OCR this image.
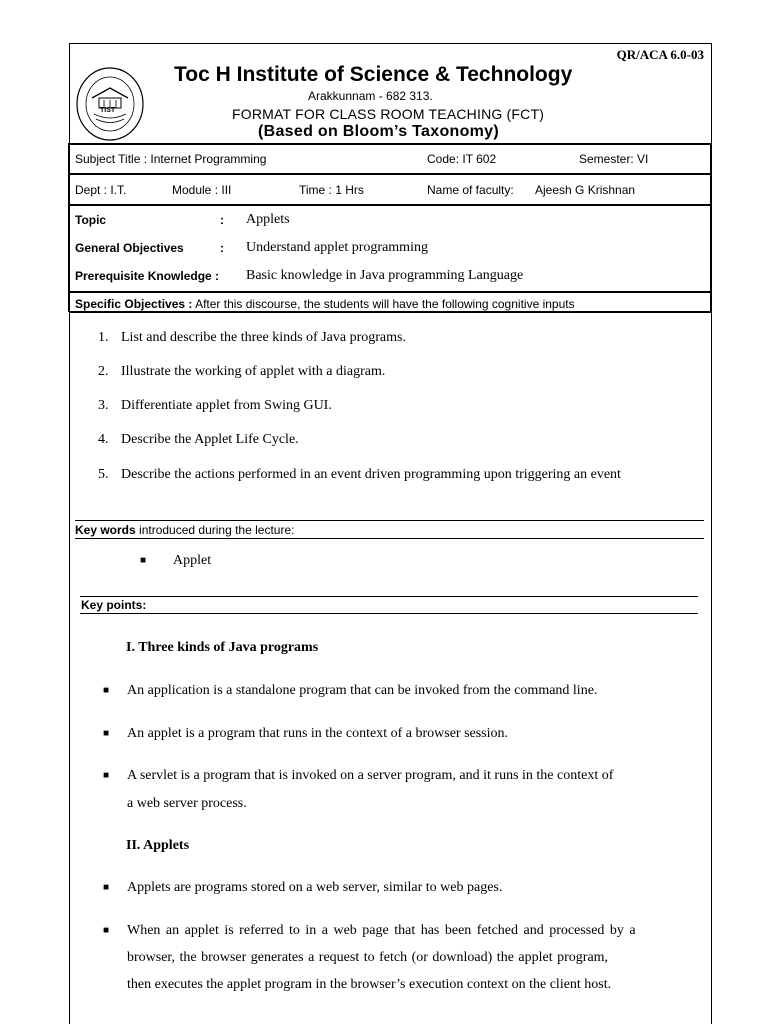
QR/ACA 6.0-03
TIST
Toc H Institute of Science & Technology
Arakkunnam - 682 313.
FORMAT FOR CLASS ROOM TEACHING (FCT)
(Based on Bloom’s Taxonomy)
Subject Title : Internet Programming	Code: IT 602	Semester: VI
Dept : I.T.	Module : III	Time : 1 Hrs	Name of faculty: Ajeesh G Krishnan
Topic	: Applets
General Objectives	: Understand applet programming
Prerequisite Knowledge : Basic knowledge in Java programming Language
Specific Objectives : After this discourse, the students will have the following cognitive inputs
1. List and describe the three kinds of Java programs.
2. Illustrate the working of applet with a diagram.
3. Differentiate applet from Swing GUI.
4. Describe the Applet Life Cycle.
5. Describe the actions performed in an event driven programming upon triggering an event
Key words introduced during the lecture:
■ Applet
Key points:
I. Three kinds of Java programs
■ An application is a standalone program that can be invoked from the command line.
■ An applet is a program that runs in the context of a browser session.
■ A servlet is a program that is invoked on a server program, and it runs in the context of
a web server process.
II. Applets
■ Applets are programs stored on a web server, similar to web pages.
■ When an applet is referred to in a web page that has been fetched and processed by a
browser, the browser generates a request to fetch (or download) the applet program,
then executes the applet program in the browser’s execution context on the client host.
